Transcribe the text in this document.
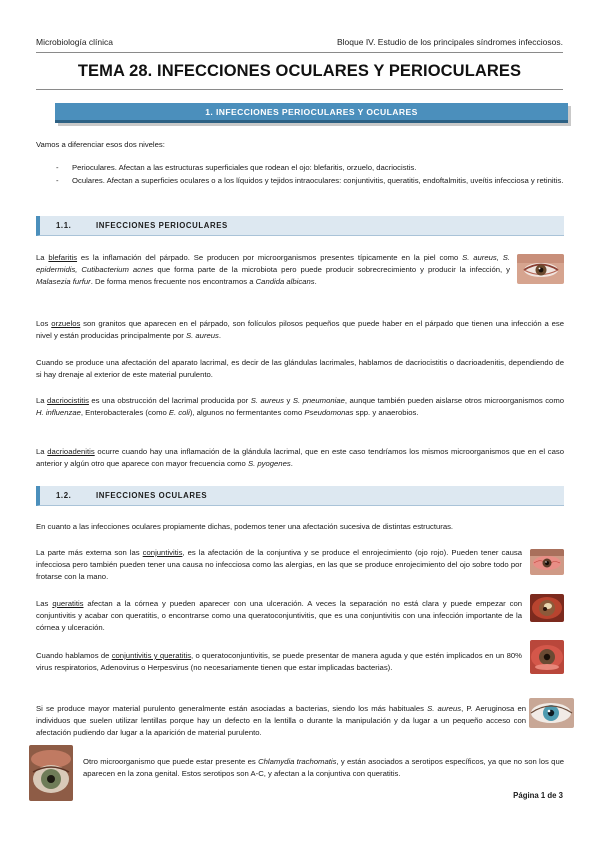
Microbiología clínica	Bloque IV. Estudio de los principales síndromes infecciosos.
TEMA 28. INFECCIONES OCULARES Y PERIOCULARES
1. INFECCIONES PERIOCULARES Y OCULARES
Vamos a diferenciar esos dos niveles:
- Perioculares. Afectan a las estructuras superficiales que rodean el ojo: blefaritis, orzuelo, dacriocistis.
- Oculares. Afectan a superficies oculares o a los líquidos y tejidos intraoculares: conjuntivitis, queratitis, endoftalmitis, uveítis infecciosa y retinitis.
1.1.	INFECCIONES PERIOCULARES
La blefaritis es la inflamación del párpado. Se producen por microorganismos presentes típicamente en la piel como S. aureus, S. epidermidis, Cutibacterium acnes que forma parte de la microbiota pero puede producir sobrecrecimiento y producir la infección, y Malasezia furfur. De forma menos frecuente nos encontramos a Candida albicans.
Los orzuelos son granitos que aparecen en el párpado, son folículos pilosos pequeños que puede haber en el párpado que tienen una infección a ese nivel y están producidas principalmente por S. aureus.
Cuando se produce una afectación del aparato lacrimal, es decir de las glándulas lacrimales, hablamos de dacriocistitis o dacrioadenitis, dependiendo de si hay drenaje al exterior de este material purulento.
La dacriocistitis es una obstrucción del lacrimal producida por S. aureus y S. pneumoniae, aunque también pueden aislarse otros microorganismos como H. influenzae, Enterobacterales (como E. coli), algunos no fermentantes como Pseudomonas spp. y anaerobios.
La dacrioadenitis ocurre cuando hay una inflamación de la glándula lacrimal, que en este caso tendríamos los mismos microorganismos que en el caso anterior y algún otro que aparece con mayor frecuencia como S. pyogenes.
1.2.	INFECCIONES OCULARES
En cuanto a las infecciones oculares propiamente dichas, podemos tener una afectación sucesiva de distintas estructuras.
La parte más externa son las conjuntivitis, es la afectación de la conjuntiva y se produce el enrojecimiento (ojo rojo). Pueden tener causa infecciosa pero también pueden tener una causa no infecciosa como las alergias, en las que se produce enrojecimiento del ojo sobre todo por frotarse con la mano.
Las queratitis afectan a la córnea y pueden aparecer con una ulceración. A veces la separación no está clara y puede empezar con conjuntivitis y acabar con queratitis, o encontrarse como una queratoconjuntivitis, que es una conjuntivitis con una infección importante de la córnea y ulceración.
Cuando hablamos de conjuntivitis y queratitis, o queratoconjuntivitis, se puede presentar de manera aguda y que estén implicados en un 80% virus respiratorios, Adenovirus o Herpesvirus (no necesariamente tienen que estar implicadas bacterias).
Si se produce mayor material purulento generalmente están asociadas a bacterias, siendo los más habituales S. aureus, P. Aeruginosa en individuos que suelen utilizar lentillas porque hay un defecto en la lentilla o durante la manipulación y da lugar a un pequeño acceso con afectación pudiendo dar lugar a la aparición de material purulento.
Otro microorganismo que puede estar presente es Chlamydia trachomatis, y están asociados a serotipos específicos, ya que no son los que aparecen en la zona genital. Estos serotipos son A-C, y afectan a la conjuntiva con queratitis.
Página 1 de 3
